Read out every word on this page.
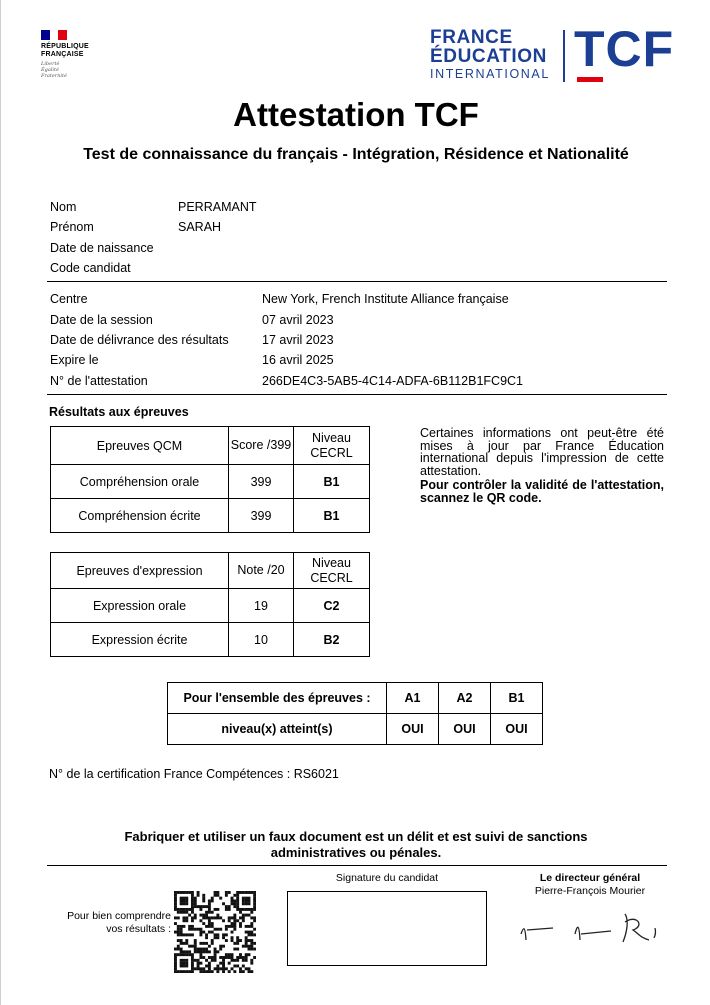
RÉPUBLIQUE
FRANÇAISE
Liberté
Égalité
Fraternité
FRANCE
ÉDUCATION
INTERNATIONAL TCF
Attestation TCF
Test de connaissance du français - Intégration, Résidence et Nationalité
Nom	PERRAMANT
Prénom	SARAH
Date de naissance
Code candidat
Centre	New York, French Institute Alliance française
Date de la session	07 avril 2023
Date de délivrance des résultats	17 avril 2023
Expire le	16 avril 2025
N° de l'attestation	266DE4C3-5AB5-4C14-ADFA-6B112B1FC9C1
Résultats aux épreuves
Epreuves QCM	Score /399	Niveau CECRL
Compréhension orale	399	B1
Compréhension écrite	399	B1
Epreuves d'expression	Note /20	Niveau CECRL
Expression orale	19	C2
Expression écrite	10	B2

Certaines informations ont peut-être été mises à jour par France Éducation international depuis l'impression de cette attestation.

Pour contrôler la validité de l'attestation, scannez le QR code.

Pour l'ensemble des épreuves :	A1	A2	B1
niveau(x) atteint(s)	OUI	OUI	OUI
N° de la certification France Compétences : RS6021
Fabriquer et utiliser un faux document est un délit et est suivi de sanctions
administratives ou pénales.
Pour bien comprendre
vos résultats :
Signature du candidat	Le directeur général
Pierre-François Mourier
